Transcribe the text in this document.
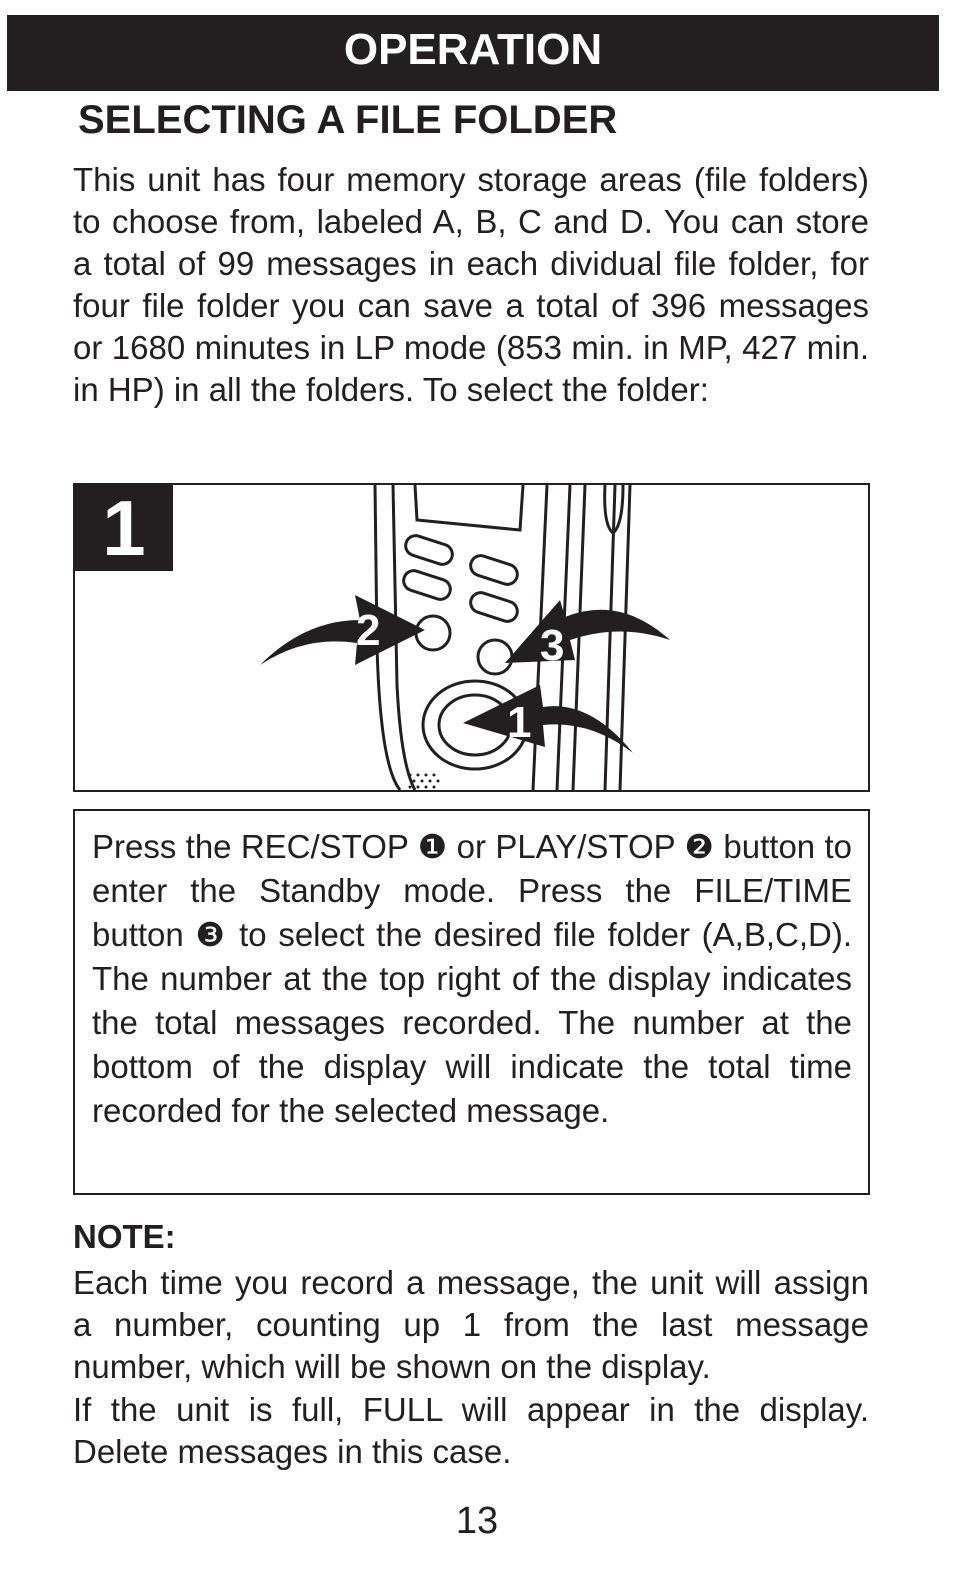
OPERATION
SELECTING A FILE FOLDER

This unit has four memory storage areas (file folders) to choose from, labeled A, B, C and D. You can store a total of 99 messages in each dividual file folder, for four file folder you can save a total of 396 messages or 1680 minutes in LP mode (853 min. in MP, 427 min. in HP) in all the folders. To select the folder:

2	3
1
1

Press the REC/STOP ❶ or PLAY/STOP ❷ button to enter the Standby mode. Press the FILE/TIME button ❸ to select the desired file folder (A,B,C,D). The number at the top right of the display indicates the total messages recorded. The number at the bottom of the display will indicate the total time recorded for the selected message.

NOTE:

Each time you record a message, the unit will assign a number, counting up 1 from the last message number, which will be shown on the display.

If the unit is full, FULL will appear in the display. Delete messages in this case.

13
